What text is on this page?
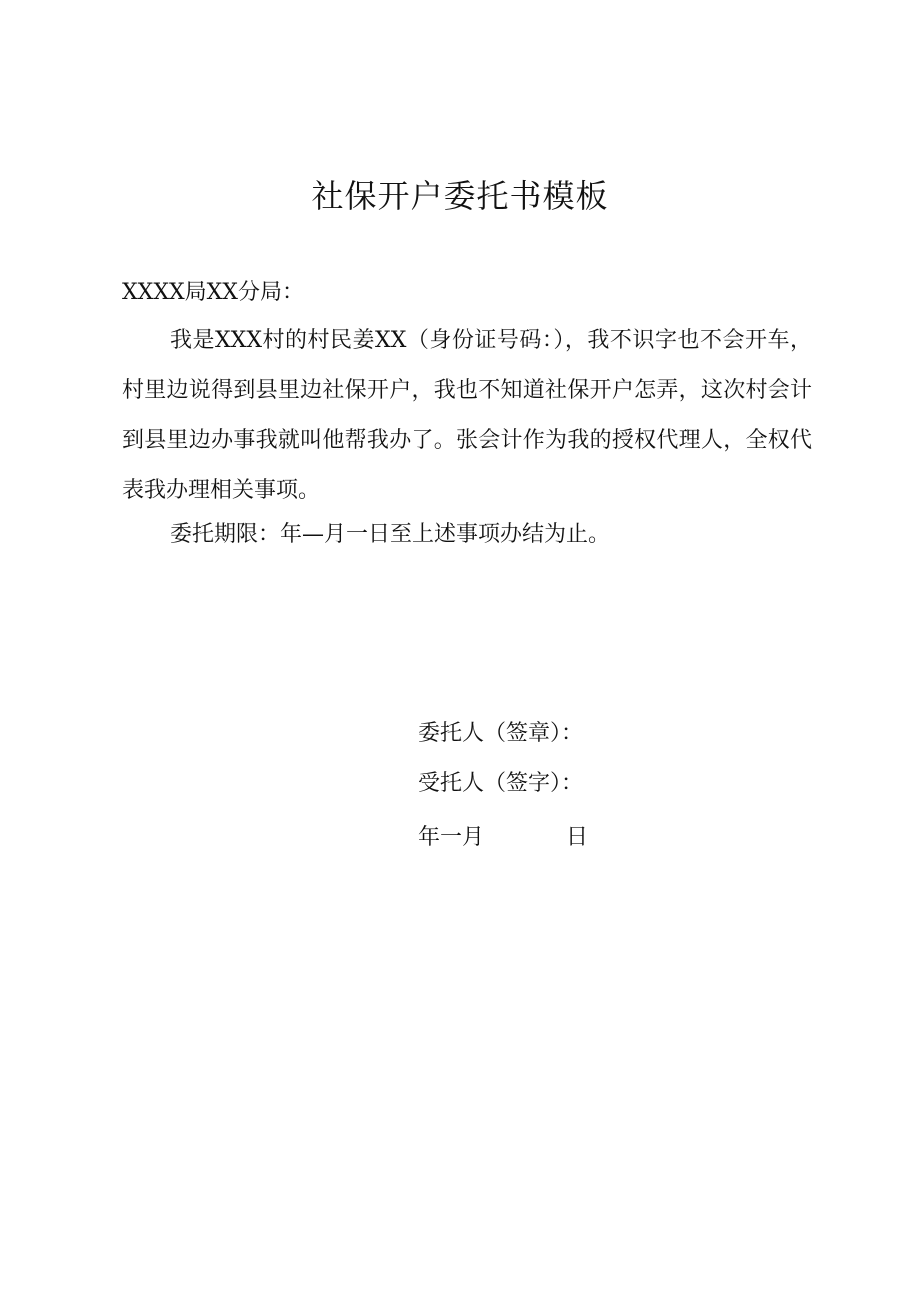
社保开户委托书模板

XXXX局XX分局：

我是XXX村的村民姜XX（身份证号码：），我不识字也不会开车，村里边说得到县里边社保开户，我也不知道社保开户怎弄，这次村会计到县里边办事我就叫他帮我办了。张会计作为我的授权代理人，全权代表我办理相关事项。

委托期限：年—月一日至上述事项办结为止。

委托人（签章）：

受托人（签字）：

年一月	日
